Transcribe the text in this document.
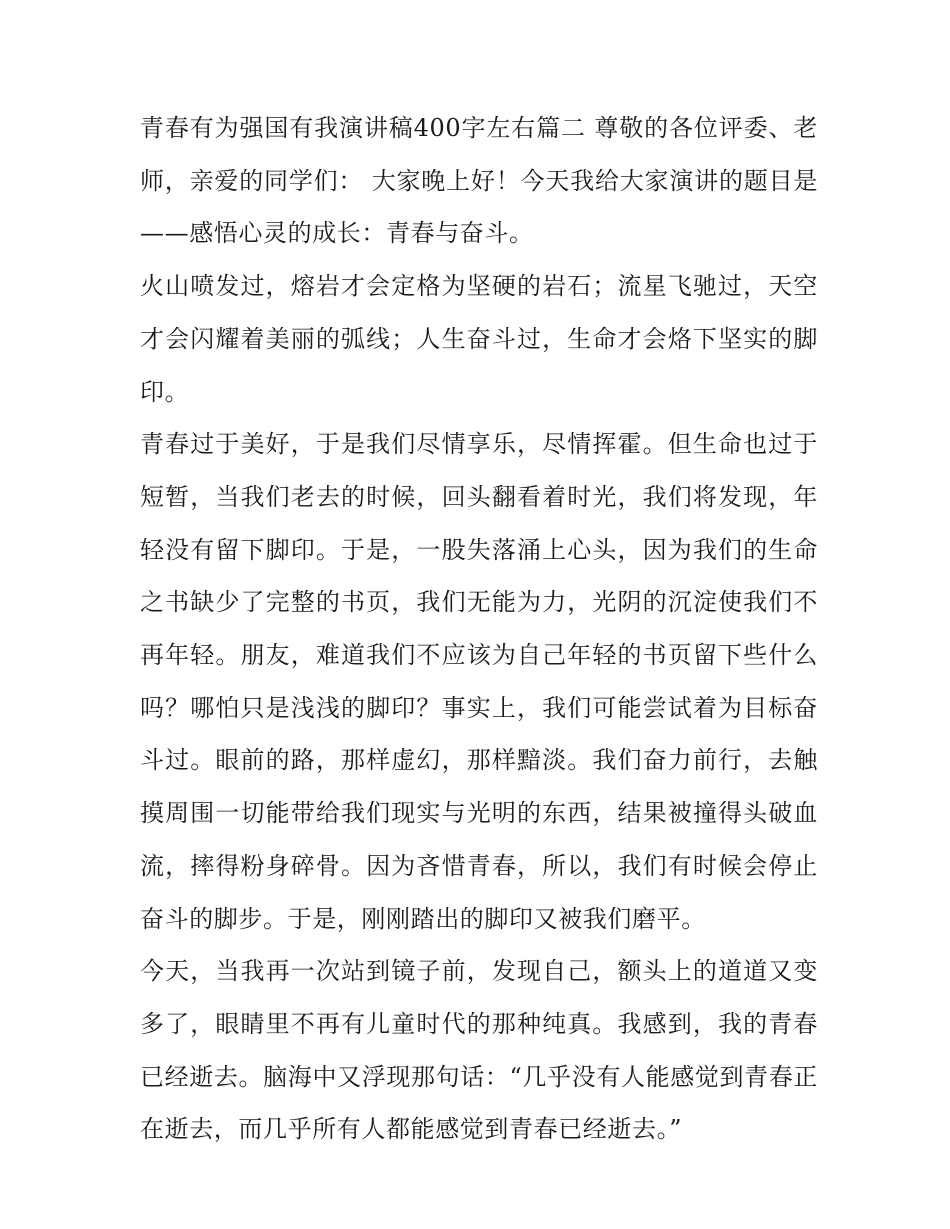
青春有为强国有我演讲稿400字左右篇二 尊敬的各位评委、老师，亲爱的同学们： 大家晚上好！今天我给大家演讲的题目是——感悟心灵的成长：青春与奋斗。

火山喷发过，熔岩才会定格为坚硬的岩石；流星飞驰过，天空才会闪耀着美丽的弧线；人生奋斗过，生命才会烙下坚实的脚印。

青春过于美好，于是我们尽情享乐，尽情挥霍。但生命也过于短暂，当我们老去的时候，回头翻看着时光，我们将发现，年轻没有留下脚印。于是，一股失落涌上心头，因为我们的生命之书缺少了完整的书页，我们无能为力，光阴的沉淀使我们不再年轻。朋友，难道我们不应该为自己年轻的书页留下些什么吗？哪怕只是浅浅的脚印？事实上，我们可能尝试着为目标奋斗过。眼前的路，那样虚幻，那样黯淡。我们奋力前行，去触摸周围一切能带给我们现实与光明的东西，结果被撞得头破血流，摔得粉身碎骨。因为吝惜青春，所以，我们有时候会停止奋斗的脚步。于是，刚刚踏出的脚印又被我们磨平。

今天，当我再一次站到镜子前，发现自己，额头上的道道又变多了，眼睛里不再有儿童时代的那种纯真。我感到，我的青春已经逝去。脑海中又浮现那句话：“几乎没有人能感觉到青春正在逝去，而几乎所有人都能感觉到青春已经逝去。”
